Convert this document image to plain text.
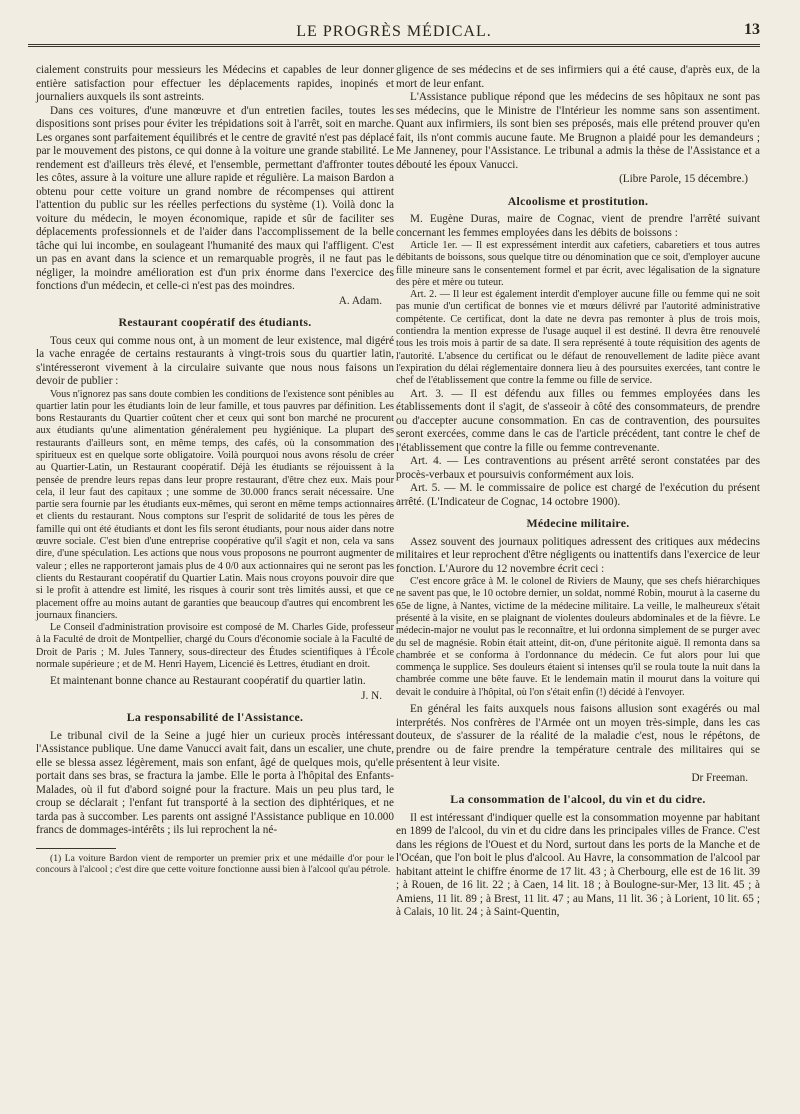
LE PROGRÈS MÉDICAL.	13

cialement construits pour messieurs les Médecins et capables de leur donner entière satisfaction pour effectuer les déplacements rapides, inopinés et journaliers auxquels ils sont astreints.

Dans ces voitures, d'une manœuvre et d'un entretien faciles, toutes les dispositions sont prises pour éviter les trépidations soit à l'arrêt, soit en marche. Les organes sont parfaitement équilibrés et le centre de gravité n'est pas déplacé par le mouvement des pistons, ce qui donne à la voiture une grande stabilité. Le rendement est d'ailleurs très élevé, et l'ensemble, permettant d'affronter toutes les côtes, assure à la voiture une allure rapide et régulière. La maison Bardon a obtenu pour cette voiture un grand nombre de récompenses qui attirent l'attention du public sur les réelles perfections du système (1). Voilà donc la voiture du médecin, le moyen économique, rapide et sûr de faciliter ses déplacements professionnels et de l'aider dans l'accomplissement de la belle tâche qui lui incombe, en soulageant l'humanité des maux qui l'affligent. C'est un pas en avant dans la science et un remarquable progrès, il ne faut pas le négliger, la moindre amélioration est d'un prix énorme dans l'exercice des fonctions d'un médecin, et celle-ci n'est pas des moindres.

A. Adam.
Restaurant coopératif des étudiants.

Tous ceux qui comme nous ont, à un moment de leur existence, mal digéré la vache enragée de certains restaurants à vingt-trois sous du quartier latin, s'intéresseront vivement à la circulaire suivante que nous nous faisons un devoir de publier :

Vous n'ignorez pas sans doute combien les conditions de l'existence sont pénibles au quartier latin pour les étudiants loin de leur famille, et tous pauvres par définition. Les bons Restaurants du Quartier coûtent cher et ceux qui sont bon marché ne procurent aux étudiants qu'une alimentation généralement peu hygiénique. La plupart des restaurants d'ailleurs sont, en même temps, des cafés, où la consommation des spiritueux est en quelque sorte obligatoire. Voilà pourquoi nous avons résolu de créer au Quartier-Latin, un Restaurant coopératif. Déjà les étudiants se réjouissent à la pensée de prendre leurs repas dans leur propre restaurant, d'être chez eux. Mais pour cela, il leur faut des capitaux ; une somme de 30.000 francs serait nécessaire. Une partie sera fournie par les étudiants eux-mêmes, qui seront en même temps actionnaires et clients du restaurant. Nous comptons sur l'esprit de solidarité de tous les pères de famille qui ont été étudiants et dont les fils seront étudiants, pour nous aider dans notre œuvre sociale. C'est bien d'une entreprise coopérative qu'il s'agit et non, cela va sans dire, d'une spéculation. Les actions que nous vous proposons ne pourront augmenter de valeur ; elles ne rapporteront jamais plus de 4 0/0 aux actionnaires qui ne seront pas les clients du Restaurant coopératif du Quartier Latin. Mais nous croyons pouvoir dire que si le profit à attendre est limité, les risques à courir sont très limités aussi, et que ce placement offre au moins autant de garanties que beaucoup d'autres qui encombrent les journaux financiers.

Le Conseil d'administration provisoire est composé de M. Charles Gide, professeur à la Faculté de droit de Montpellier, chargé du Cours d'économie sociale à la Faculté de Droit de Paris ; M. Jules Tannery, sous-directeur des Études scientifiques à l'École normale supérieure ; et de M. Henri Hayem, Licencié ès Lettres, étudiant en droit.

Et maintenant bonne chance au Restaurant coopératif du quartier latin.

J. N.
La responsabilité de l'Assistance.

Le tribunal civil de la Seine a jugé hier un curieux procès intéressant l'Assistance publique. Une dame Vanucci avait fait, dans un escalier, une chute, elle se blessa assez légèrement, mais son enfant, âgé de quelques mois, qu'elle portait dans ses bras, se fractura la jambe. Elle le porta à l'hôpital des Enfants-Malades, où il fut d'abord soigné pour la fracture. Mais un peu plus tard, le croup se déclarait ; l'enfant fut transporté à la section des diphtériques, et ne tarda pas à succomber. Les parents ont assigné l'Assistance publique en 10.000 francs de dommages-intérêts ; ils lui reprochent la né-

(1) La voiture Bardon vient de remporter un premier prix et une médaille d'or pour le concours à l'alcool ; c'est dire que cette voiture fonctionne aussi bien à l'alcool qu'au pétrole.

gligence de ses médecins et de ses infirmiers qui a été cause, d'après eux, de la mort de leur enfant.

L'Assistance publique répond que les médecins de ses hôpitaux ne sont pas ses médecins, que le Ministre de l'Intérieur les nomme sans son assentiment. Quant aux infirmiers, ils sont bien ses préposés, mais elle prétend prouver qu'en fait, ils n'ont commis aucune faute. Me Brugnon a plaidé pour les demandeurs ; Me Janneney, pour l'Assistance. Le tribunal a admis la thèse de l'Assistance et a débouté les époux Vanucci.

(Libre Parole, 15 décembre.)
Alcoolisme et prostitution.

M. Eugène Duras, maire de Cognac, vient de prendre l'arrêté suivant concernant les femmes employées dans les débits de boissons :

Article 1er. — Il est expressément interdit aux cafetiers, cabaretiers et tous autres débitants de boissons, sous quelque titre ou dénomination que ce soit, d'employer aucune fille mineure sans le consentement formel et par écrit, avec légalisation de la signature des père et mère ou tuteur.

Art. 2. — Il leur est également interdit d'employer aucune fille ou femme qui ne soit pas munie d'un certificat de bonnes vie et mœurs délivré par l'autorité administrative compétente. Ce certificat, dont la date ne devra pas remonter à plus de trois mois, contiendra la mention expresse de l'usage auquel il est destiné. Il devra être renouvelé tous les trois mois à partir de sa date. Il sera représenté à toute réquisition des agents de l'autorité. L'absence du certificat ou le défaut de renouvellement de ladite pièce avant l'expiration du délai réglementaire donnera lieu à des poursuites exercées, tant contre le chef de l'établissement que contre la femme ou fille de service.

Art. 3. — Il est défendu aux filles ou femmes employées dans les établissements dont il s'agit, de s'asseoir à côté des consommateurs, de prendre ou d'accepter aucune consommation. En cas de contravention, des poursuites seront exercées, comme dans le cas de l'article précédent, tant contre le chef de l'établissement que contre la fille ou femme contrevenante.

Art. 4. — Les contraventions au présent arrêté seront constatées par des procès-verbaux et poursuivis conformément aux lois.

Art. 5. — M. le commissaire de police est chargé de l'exécution du présent arrêté. (L'Indicateur de Cognac, 14 octobre 1900).

Médecine militaire.

Assez souvent des journaux politiques adressent des critiques aux médecins militaires et leur reprochent d'être négligents ou inattentifs dans l'exercice de leur fonction. L'Aurore du 12 novembre écrit ceci :

C'est encore grâce à M. le colonel de Riviers de Mauny, que ses chefs hiérarchiques ne savent pas que, le 10 octobre dernier, un soldat, nommé Robin, mourut à la caserne du 65e de ligne, à Nantes, victime de la médecine militaire. La veille, le malheureux s'était présenté à la visite, en se plaignant de violentes douleurs abdominales et de la fièvre. Le médecin-major ne voulut pas le reconnaître, et lui ordonna simplement de se purger avec du sel de magnésie. Robin était atteint, dit-on, d'une péritonite aiguë. Il remonta dans sa chambrée et se conforma à l'ordonnance du médecin. Ce fut alors pour lui que commença le supplice. Ses douleurs étaient si intenses qu'il se roula toute la nuit dans la chambrée comme une bête fauve. Et le lendemain matin il mourut dans la voiture qui devait le conduire à l'hôpital, où l'on s'était enfin (!) décidé à l'envoyer.

En général les faits auxquels nous faisons allusion sont exagérés ou mal interprétés. Nos confrères de l'Armée ont un moyen très-simple, dans les cas douteux, de s'assurer de la réalité de la maladie c'est, nous le répétons, de prendre ou de faire prendre la température centrale des militaires qui se présentent à leur visite.

Dr Freeman.
La consommation de l'alcool, du vin et du cidre.

Il est intéressant d'indiquer quelle est la consommation moyenne par habitant en 1899 de l'alcool, du vin et du cidre dans les principales villes de France. C'est dans les régions de l'Ouest et du Nord, surtout dans les ports de la Manche et de l'Océan, que l'on boit le plus d'alcool. Au Havre, la consommation de l'alcool par habitant atteint le chiffre énorme de 17 lit. 43 ; à Cherbourg, elle est de 16 lit. 39 ; à Rouen, de 16 lit. 22 ; à Caen, 14 lit. 18 ; à Boulogne-sur-Mer, 13 lit. 45 ; à Amiens, 11 lit. 89 ; à Brest, 11 lit. 47 ; au Mans, 11 lit. 36 ; à Lorient, 10 lit. 65 ; à Calais, 10 lit. 24 ; à Saint-Quentin,
